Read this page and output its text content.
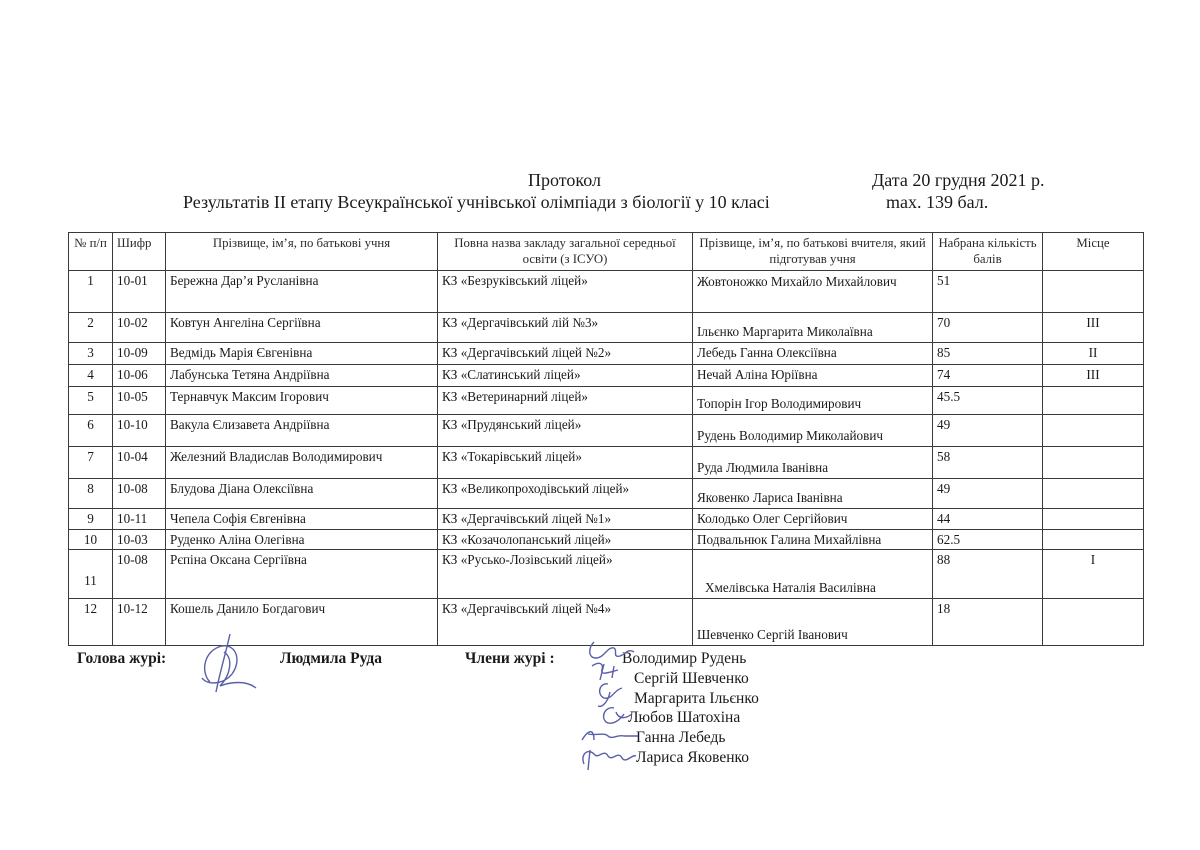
Протокол	Дата 20 грудня 2021 р.
Результатів ІІ етапу Всеукраїнської учнівської олімпіади з біології у 10 класі	max. 139 бал.
№ п/п	Шифр	Прізвище, ім’я, по батькові учня	Повна назва закладу загальної середньої освіти (з ІСУО)	Прізвище, ім’я, по батькові вчителя, який підготував учня	Набрана кількість балів	Місце
1	10-01	Бережна Дар’я Русланівна	КЗ «Безруківський ліцей»	Жовтоножко Михайло Михайлович	51	
2	10-02	Ковтун Ангеліна Сергіївна	КЗ «Дергачівський лій №3»	Ільєнко Маргарита Миколаївна	70	III
3	10-09	Ведмідь Марія Євгенівна	КЗ «Деpгачівський ліцей №2»	Лебедь Ганна Олексіївна	85	II
4	10-06	Лабунська Тетяна Андріївна	КЗ «Слатинський ліцей»	Нечай Аліна Юріївна	74	III
5	10-05	Тернавчук Максим Ігорович	КЗ «Ветеринарний ліцей»	Топорін Ігор Володимирович	45.5	
6	10-10	Вакула Єлизавета Андріївна	КЗ «Прудянський ліцей»	Рудень Володимир Миколайович	49	
7	10-04	Железний Владислав Володимирович	КЗ «Токарівський ліцей»	Руда Людмила Іванівна	58	
8	10-08	Блудова Діана Олексіївна	КЗ «Великопроходівський ліцей»	Яковенко Лариса Іванівна	49	
9	10-11	Чепела Софія Євгенівна	КЗ «Дергачівський ліцей №1»	Колодько Олег Сергійович	44	
10	10-03	Руденко Аліна Олегівна	КЗ «Козачолопанський ліцей»	Подвальнюк Галина Михайлівна	62.5	
11	10-08	Рєпіна Оксана Сергіївна	КЗ «Русько-Лозівський ліцей»	Хмелівська Наталія Василівна	88	I
12	10-12	Кошель Данило Богдагович	КЗ «Дергачівський ліцей №4»	Шевченко Сергій Іванович	18	
Голова журі:	Людмила Руда	Члени журі :	Володимир Рудень
Сергій Шевченко
Маргарита Ільєнко
Любов Шатохіна
Ганна Лебедь
Лариса Яковенко
